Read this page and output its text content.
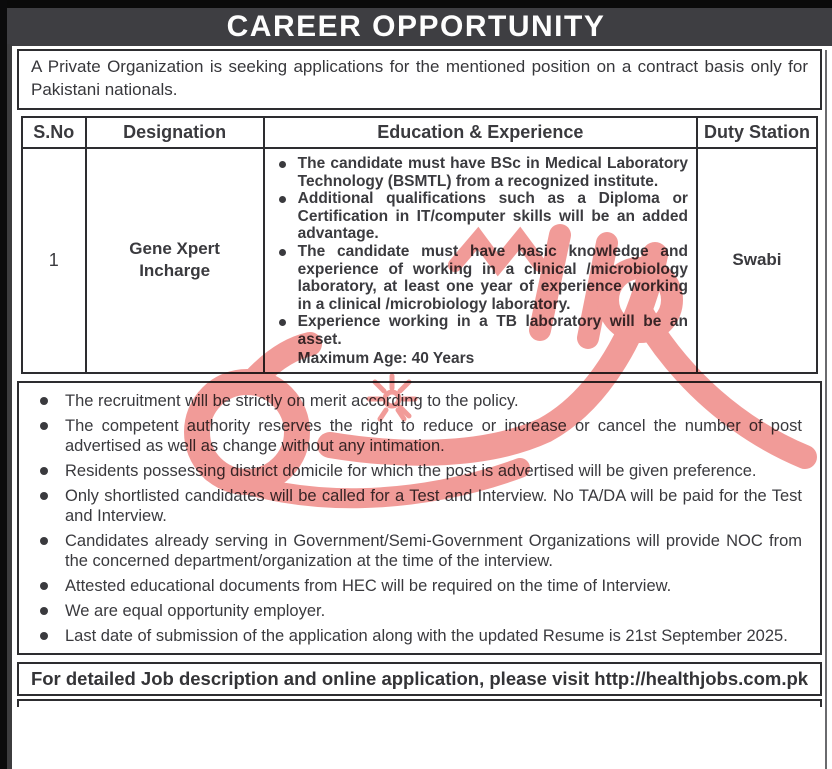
CAREER OPPORTUNITY

A Private Organization is seeking applications for the mentioned position on a contract basis only for Pakistani nationals.

S.No	Designation	Education & Experience	Duty Station
1	Gene Xpert Incharge	The candidate must have BSc in Medical Laboratory Technology (BSMTL) from a recognized institute.
Additional qualifications such as a Diploma or Certification in IT/computer skills will be an added advantage.
The candidate must have basic knowledge and experience of working in a clinical /microbiology laboratory, at least one year of experience working in a clinical /microbiology laboratory.
Experience working in a TB laboratory will be an asset.
Maximum Age: 40 Years	Swabi
The recruitment will be strictly on merit according to the policy.
The competent authority reserves the right to reduce or increase or cancel the number of post advertised as well as change without any intimation.
Residents possessing district domicile for which the post is advertised will be given preference.
Only shortlisted candidates will be called for a Test and Interview. No TA/DA will be paid for the Test and Interview.
Candidates already serving in Government/Semi-Government Organizations will provide NOC from the concerned department/organization at the time of the interview.
Attested educational documents from HEC will be required on the time of Interview.
We are equal opportunity employer.
Last date of submission of the application along with the updated Resume is 21st September 2025.
For detailed Job description and online application, please visit http://healthjobs.com.pk
